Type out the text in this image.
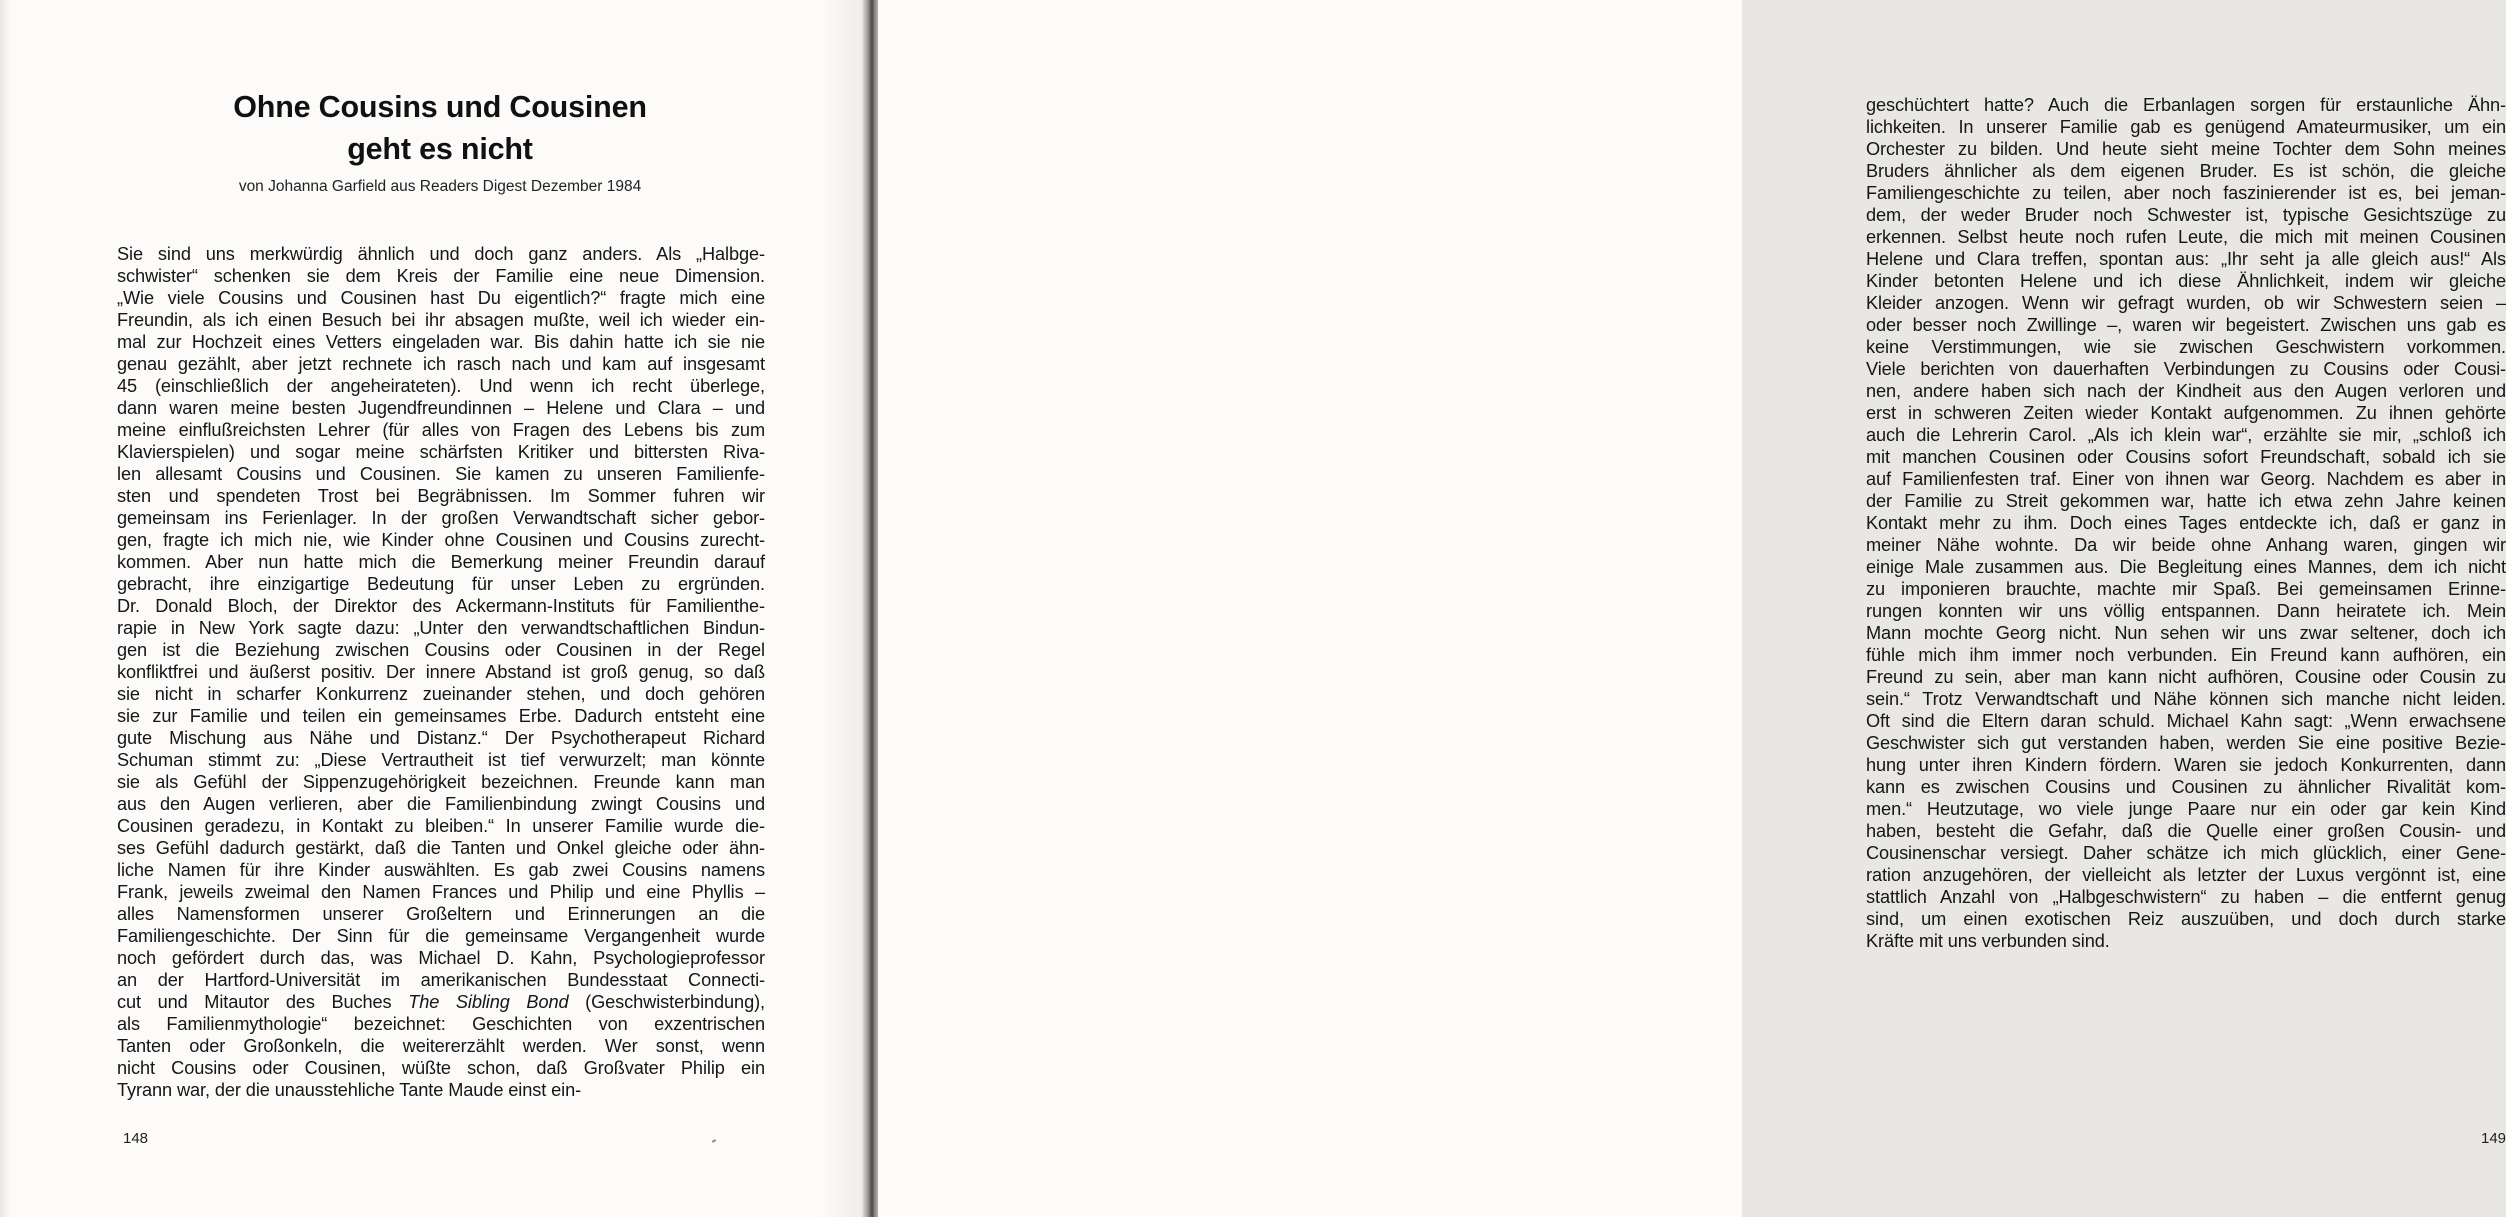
Ohne Cousins und Cousinen
geht es nicht
von Johanna Garfield aus Readers Digest Dezember 1984
Sie sind uns merkwürdig ähnlich und doch ganz anders. Als „Halbge-
schwister“ schenken sie dem Kreis der Familie eine neue Dimension.
„Wie viele Cousins und Cousinen hast Du eigentlich?“ fragte mich eine
Freundin, als ich einen Besuch bei ihr absagen mußte, weil ich wieder ein-
mal zur Hochzeit eines Vetters eingeladen war. Bis dahin hatte ich sie nie
genau gezählt, aber jetzt rechnete ich rasch nach und kam auf insgesamt
45 (einschließlich der angeheirateten). Und wenn ich recht überlege,
dann waren meine besten Jugendfreundinnen – Helene und Clara – und
meine einflußreichsten Lehrer (für alles von Fragen des Lebens bis zum
Klavierspielen) und sogar meine schärfsten Kritiker und bittersten Riva-
len allesamt Cousins und Cousinen. Sie kamen zu unseren Familienfe-
sten und spendeten Trost bei Begräbnissen. Im Sommer fuhren wir
gemeinsam ins Ferienlager. In der großen Verwandtschaft sicher gebor-
gen, fragte ich mich nie, wie Kinder ohne Cousinen und Cousins zurecht-
kommen. Aber nun hatte mich die Bemerkung meiner Freundin darauf
gebracht, ihre einzigartige Bedeutung für unser Leben zu ergründen.
Dr. Donald Bloch, der Direktor des Ackermann-Instituts für Familienthe-
rapie in New York sagte dazu: „Unter den verwandtschaftlichen Bindun-
gen ist die Beziehung zwischen Cousins oder Cousinen in der Regel
konfliktfrei und äußerst positiv. Der innere Abstand ist groß genug, so daß
sie nicht in scharfer Konkurrenz zueinander stehen, und doch gehören
sie zur Familie und teilen ein gemeinsames Erbe. Dadurch entsteht eine
gute Mischung aus Nähe und Distanz.“ Der Psychotherapeut Richard
Schuman stimmt zu: „Diese Vertrautheit ist tief verwurzelt; man könnte
sie als Gefühl der Sippenzugehörigkeit bezeichnen. Freunde kann man
aus den Augen verlieren, aber die Familienbindung zwingt Cousins und
Cousinen geradezu, in Kontakt zu bleiben.“ In unserer Familie wurde die-
ses Gefühl dadurch gestärkt, daß die Tanten und Onkel gleiche oder ähn-
liche Namen für ihre Kinder auswählten. Es gab zwei Cousins namens
Frank, jeweils zweimal den Namen Frances und Philip und eine Phyllis –
alles Namensformen unserer Großeltern und Erinnerungen an die
Familiengeschichte. Der Sinn für die gemeinsame Vergangenheit wurde
noch gefördert durch das, was Michael D. Kahn, Psychologieprofessor
an der Hartford-Universität im amerikanischen Bundesstaat Connecti-
cut und Mitautor des Buches The Sibling Bond (Geschwisterbindung),
als Familienmythologie“ bezeichnet: Geschichten von exzentrischen
Tanten oder Großonkeln, die weitererzählt werden. Wer sonst, wenn
nicht Cousins oder Cousinen, wüßte schon, daß Großvater Philip ein
Tyrann war, der die unausstehliche Tante Maude einst ein-
148
geschüchtert hatte? Auch die Erbanlagen sorgen für erstaunliche Ähn-
lichkeiten. In unserer Familie gab es genügend Amateurmusiker, um ein
Orchester zu bilden. Und heute sieht meine Tochter dem Sohn meines
Bruders ähnlicher als dem eigenen Bruder. Es ist schön, die gleiche
Familiengeschichte zu teilen, aber noch faszinierender ist es, bei jeman-
dem, der weder Bruder noch Schwester ist, typische Gesichtszüge zu
erkennen. Selbst heute noch rufen Leute, die mich mit meinen Cousinen
Helene und Clara treffen, spontan aus: „Ihr seht ja alle gleich aus!“ Als
Kinder betonten Helene und ich diese Ähnlichkeit, indem wir gleiche
Kleider anzogen. Wenn wir gefragt wurden, ob wir Schwestern seien –
oder besser noch Zwillinge –, waren wir begeistert. Zwischen uns gab es
keine Verstimmungen, wie sie zwischen Geschwistern vorkommen.
Viele berichten von dauerhaften Verbindungen zu Cousins oder Cousi-
nen, andere haben sich nach der Kindheit aus den Augen verloren und
erst in schweren Zeiten wieder Kontakt aufgenommen. Zu ihnen gehörte
auch die Lehrerin Carol. „Als ich klein war“, erzählte sie mir, „schloß ich
mit manchen Cousinen oder Cousins sofort Freundschaft, sobald ich sie
auf Familienfesten traf. Einer von ihnen war Georg. Nachdem es aber in
der Familie zu Streit gekommen war, hatte ich etwa zehn Jahre keinen
Kontakt mehr zu ihm. Doch eines Tages entdeckte ich, daß er ganz in
meiner Nähe wohnte. Da wir beide ohne Anhang waren, gingen wir
einige Male zusammen aus. Die Begleitung eines Mannes, dem ich nicht
zu imponieren brauchte, machte mir Spaß. Bei gemeinsamen Erinne-
rungen konnten wir uns völlig entspannen. Dann heiratete ich. Mein
Mann mochte Georg nicht. Nun sehen wir uns zwar seltener, doch ich
fühle mich ihm immer noch verbunden. Ein Freund kann aufhören, ein
Freund zu sein, aber man kann nicht aufhören, Cousine oder Cousin zu
sein.“ Trotz Verwandtschaft und Nähe können sich manche nicht leiden.
Oft sind die Eltern daran schuld. Michael Kahn sagt: „Wenn erwachsene
Geschwister sich gut verstanden haben, werden Sie eine positive Bezie-
hung unter ihren Kindern fördern. Waren sie jedoch Konkurrenten, dann
kann es zwischen Cousins und Cousinen zu ähnlicher Rivalität kom-
men.“ Heutzutage, wo viele junge Paare nur ein oder gar kein Kind
haben, besteht die Gefahr, daß die Quelle einer großen Cousin- und
Cousinenschar versiegt. Daher schätze ich mich glücklich, einer Gene-
ration anzugehören, der vielleicht als letzter der Luxus vergönnt ist, eine
stattlich Anzahl von „Halbgeschwistern“ zu haben – die entfernt genug
sind, um einen exotischen Reiz auszuüben, und doch durch starke
Kräfte mit uns verbunden sind.
149
